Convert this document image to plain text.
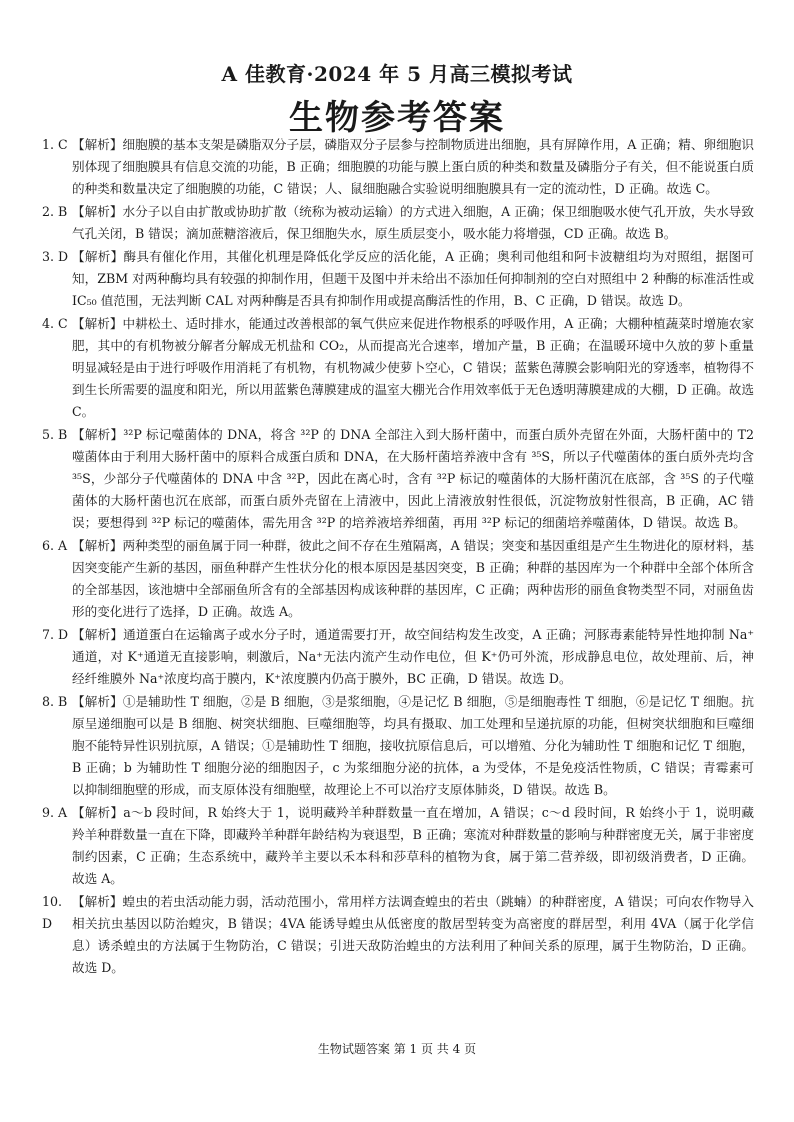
A 佳教育·2024 年 5 月高三模拟考试
生物参考答案
1. C 【解析】细胞膜的基本支架是磷脂双分子层，磷脂双分子层参与控制物质进出细胞，具有屏障作用，A 正确；精、卵细胞识别体现了细胞膜具有信息交流的功能，B 正确；细胞膜的功能与膜上蛋白质的种类和数量及磷脂分子有关，但不能说蛋白质的种类和数量决定了细胞膜的功能，C 错误；人、鼠细胞融合实验说明细胞膜具有一定的流动性，D 正确。故选 C。
2. B 【解析】水分子以自由扩散或协助扩散（统称为被动运输）的方式进入细胞，A 正确；保卫细胞吸水使气孔开放，失水导致气孔关闭，B 错误；滴加蔗糖溶液后，保卫细胞失水，原生质层变小，吸水能力将增强，CD 正确。故选 B。
3. D 【解析】酶具有催化作用，其催化机理是降低化学反应的活化能，A 正确；奥利司他组和阿卡波糖组均为对照组，据图可知，ZBM 对两种酶均具有较强的抑制作用，但题干及图中并未给出不添加任何抑制剂的空白对照组中 2 种酶的标准活性或 IC₅₀ 值范围，无法判断 CAL 对两种酶是否具有抑制作用或提高酶活性的作用，B、C 正确，D 错误。故选 D。
4. C 【解析】中耕松土、适时排水，能通过改善根部的氧气供应来促进作物根系的呼吸作用，A 正确；大棚种植蔬菜时增施农家肥，其中的有机物被分解者分解成无机盐和 CO₂，从而提高光合速率，增加产量，B 正确；在温暖环境中久放的萝卜重量明显减轻是由于进行呼吸作用消耗了有机物，有机物减少使萝卜空心，C 错误；蓝紫色薄膜会影响阳光的穿透率，植物得不到生长所需要的温度和阳光，所以用蓝紫色薄膜建成的温室大棚光合作用效率低于无色透明薄膜建成的大棚，D 正确。故选 C。
5. B 【解析】³²P 标记噬菌体的 DNA，将含 ³²P 的 DNA 全部注入到大肠杆菌中，而蛋白质外壳留在外面，大肠杆菌中的 T2 噬菌体由于利用大肠杆菌中的原料合成蛋白质和 DNA，在大肠杆菌培养液中含有 ³⁵S，所以子代噬菌体的蛋白质外壳均含 ³⁵S，少部分子代噬菌体的 DNA 中含 ³²P，因此在离心时，含有 ³²P 标记的噬菌体的大肠杆菌沉在底部，含 ³⁵S 的子代噬菌体的大肠杆菌也沉在底部，而蛋白质外壳留在上清液中，因此上清液放射性很低，沉淀物放射性很高，B 正确，AC 错误；要想得到 ³²P 标记的噬菌体，需先用含 ³²P 的培养液培养细菌，再用 ³²P 标记的细菌培养噬菌体，D 错误。故选 B。
6. A 【解析】两种类型的丽鱼属于同一种群，彼此之间不存在生殖隔离，A 错误；突变和基因重组是产生生物进化的原材料，基因突变能产生新的基因，丽鱼种群产生性状分化的根本原因是基因突变，B 正确；种群的基因库为一个种群中全部个体所含的全部基因，该池塘中全部丽鱼所含有的全部基因构成该种群的基因库，C 正确；两种齿形的丽鱼食物类型不同，对丽鱼齿形的变化进行了选择，D 正确。故选 A。
7. D 【解析】通道蛋白在运输离子或水分子时，通道需要打开，故空间结构发生改变，A 正确；河豚毒素能特异性地抑制 Na⁺通道，对 K⁺通道无直接影响，刺激后，Na⁺无法内流产生动作电位，但 K⁺仍可外流，形成静息电位，故处理前、后，神经纤维膜外 Na⁺浓度均高于膜内，K⁺浓度膜内仍高于膜外，BC 正确，D 错误。故选 D。
8. B 【解析】①是辅助性 T 细胞，②是 B 细胞，③是浆细胞，④是记忆 B 细胞，⑤是细胞毒性 T 细胞，⑥是记忆 T 细胞。抗原呈递细胞可以是 B 细胞、树突状细胞、巨噬细胞等，均具有摄取、加工处理和呈递抗原的功能，但树突状细胞和巨噬细胞不能特异性识别抗原，A 错误；①是辅助性 T 细胞，接收抗原信息后，可以增殖、分化为辅助性 T 细胞和记忆 T 细胞，B 正确；b 为辅助性 T 细胞分泌的细胞因子，c 为浆细胞分泌的抗体，a 为受体，不是免疫活性物质，C 错误；青霉素可以抑制细胞壁的形成，而支原体没有细胞壁，故理论上不可以治疗支原体肺炎，D 错误。故选 B。
9. A 【解析】a～b 段时间，R 始终大于 1，说明藏羚羊种群数量一直在增加，A 错误；c～d 段时间，R 始终小于 1，说明藏羚羊种群数量一直在下降，即藏羚羊种群年龄结构为衰退型，B 正确；寒流对种群数量的影响与种群密度无关，属于非密度制约因素，C 正确；生态系统中，藏羚羊主要以禾本科和莎草科的植物为食，属于第二营养级，即初级消费者，D 正确。故选 A。
10. D
【解析】蝗虫的若虫活动能力弱，活动范围小，常用样方法调查蝗虫的若虫（跳蝻）的种群密度，A 错误；可向农作物导入相关抗虫基因以防治蝗灾，B 错误；4VA 能诱导蝗虫从低密度的散居型转变为高密度的群居型，利用 4VA（属于化学信息）诱杀蝗虫的方法属于生物防治，C 错误；引进天敌防治蝗虫的方法利用了种间关系的原理，属于生物防治，D 正确。故选 D。
生物试题答案 第 1 页 共 4 页
